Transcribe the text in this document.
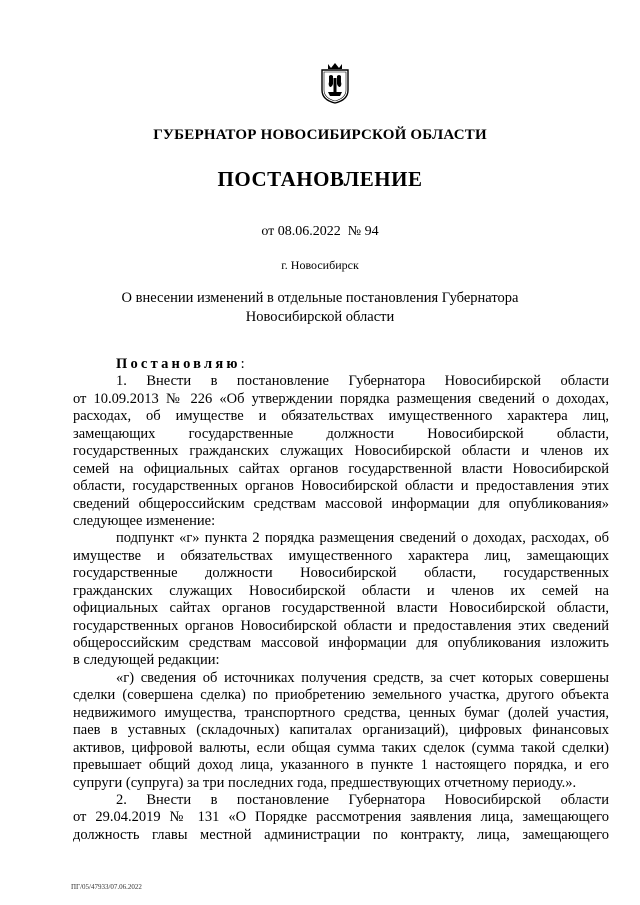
ГУБЕРНАТОР НОВОСИБИРСКОЙ ОБЛАСТИ
ПОСТАНОВЛЕНИЕ
от 08.06.2022  № 94
г. Новосибирск
О внесении изменений в отдельные постановления Губернатора
Новосибирской области
Постановляю:
1. Внести в постановление Губернатора Новосибирской области
от 10.09.2013 № 226 «Об утверждении порядка размещения сведений о доходах,
расходах, об имуществе и обязательствах имущественного характера лиц,
замещающих государственные должности Новосибирской области,
государственных гражданских служащих Новосибирской области и членов их
семей на официальных сайтах органов государственной власти Новосибирской
области, государственных органов Новосибирской области и предоставления этих
сведений общероссийским средствам массовой информации для опубликования»
следующее изменение:
подпункт «г» пункта 2 порядка размещения сведений о доходах, расходах, об
имуществе и обязательствах имущественного характера лиц, замещающих
государственные должности Новосибирской области, государственных
гражданских служащих Новосибирской области и членов их семей на
официальных сайтах органов государственной власти Новосибирской области,
государственных органов Новосибирской области и предоставления этих сведений
общероссийским средствам массовой информации для опубликования изложить
в следующей редакции:
«г) сведения об источниках получения средств, за счет которых совершены
сделки (совершена сделка) по приобретению земельного участка, другого объекта
недвижимого имущества, транспортного средства, ценных бумаг (долей участия,
паев в уставных (складочных) капиталах организаций), цифровых финансовых
активов, цифровой валюты, если общая сумма таких сделок (сумма такой сделки)
превышает общий доход лица, указанного в пункте 1 настоящего порядка, и его
супруги (супруга) за три последних года, предшествующих отчетному периоду.».
2. Внести в постановление Губернатора Новосибирской области
от 29.04.2019 № 131 «О Порядке рассмотрения заявления лица, замещающего
должность главы местной администрации по контракту, лица, замещающего
ПГ/05/47933/07.06.2022
